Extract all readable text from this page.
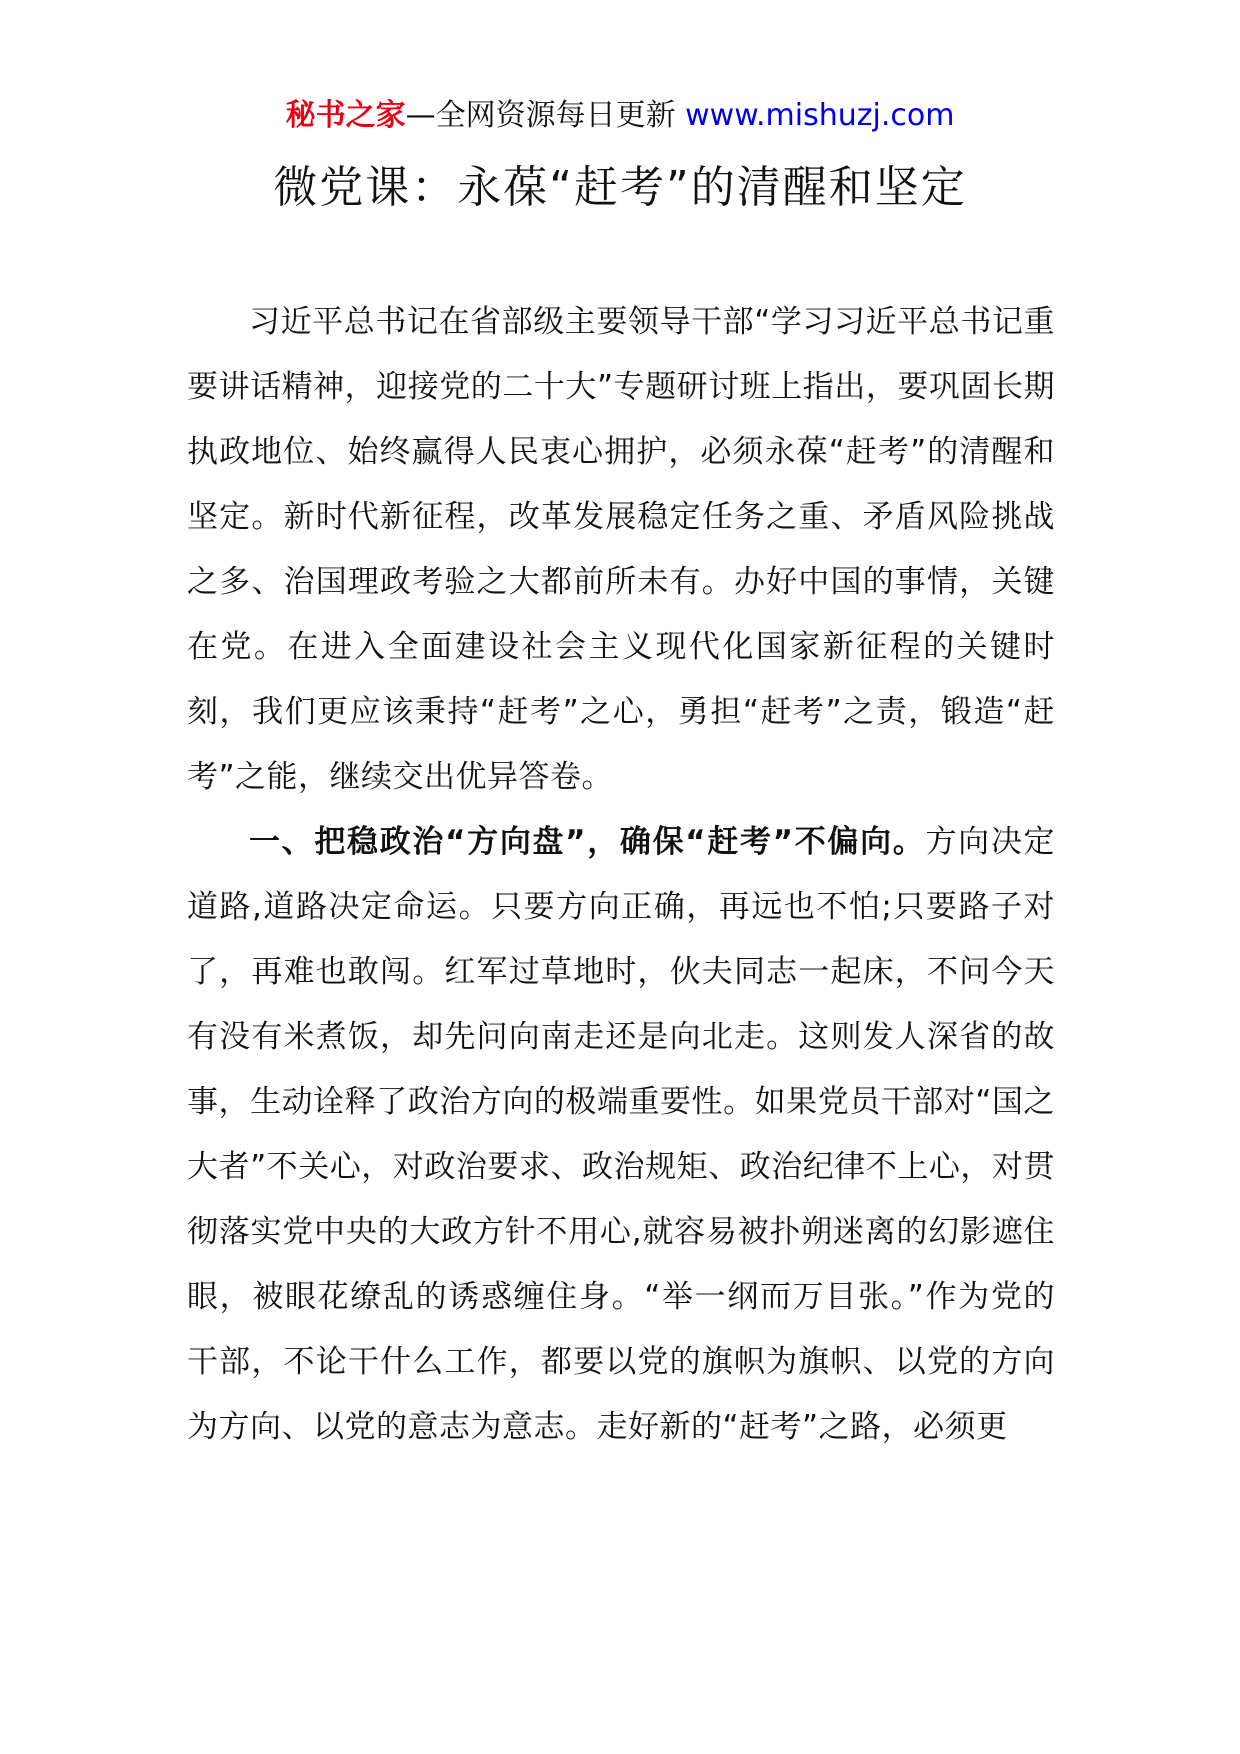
秘书之家—全网资源每日更新 www.mishuzj.com
微党课：永葆“赶考”的清醒和坚定

习近平总书记在省部级主要领导干部“学习习近平总书记重要讲话精神，迎接党的二十大”专题研讨班上指出，要巩固长期执政地位、始终赢得人民衷心拥护，必须永葆“赶考”的清醒和坚定。新时代新征程，改革发展稳定任务之重、矛盾风险挑战之多、治国理政考验之大都前所未有。办好中国的事情，关键在党。在进入全面建设社会主义现代化国家新征程的关键时刻，我们更应该秉持“赶考”之心，勇担“赶考”之责，锻造“赶考”之能，继续交出优异答卷。

一、把稳政治“方向盘”，确保“赶考”不偏向。方向决定道路,道路决定命运。只要方向正确，再远也不怕;只要路子对了，再难也敢闯。红军过草地时，伙夫同志一起床，不问今天有没有米煮饭，却先问向南走还是向北走。这则发人深省的故事，生动诠释了政治方向的极端重要性。如果党员干部对“国之大者”不关心，对政治要求、政治规矩、政治纪律不上心，对贯彻落实党中央的大政方针不用心,就容易被扑朔迷离的幻影遮住眼，被眼花缭乱的诱惑缠住身。“举一纲而万目张。”作为党的干部，不论干什么工作，都要以党的旗帜为旗帜、以党的方向为方向、以党的意志为意志。走好新的“赶考”之路，必须更
